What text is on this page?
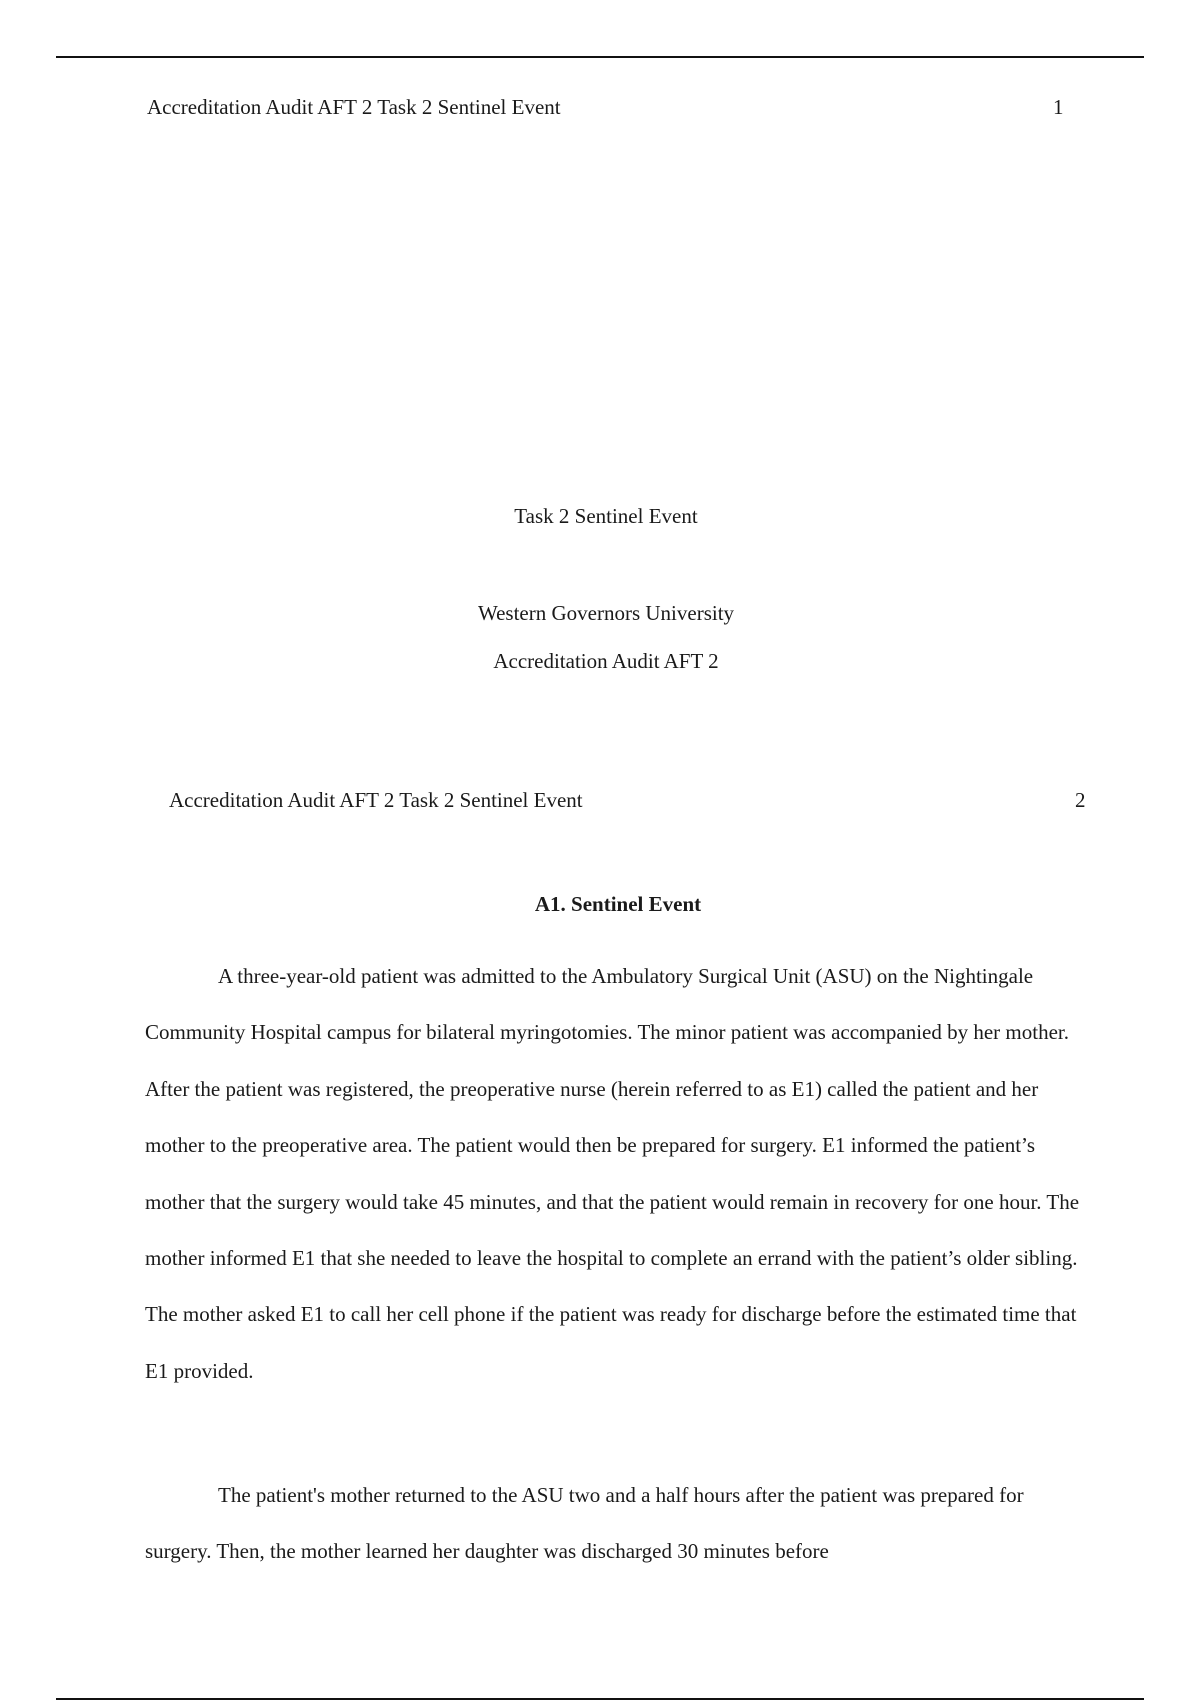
Accreditation Audit AFT 2 Task 2 Sentinel Event	1
Task 2 Sentinel Event
Western Governors University
Accreditation Audit AFT 2
Accreditation Audit AFT 2 Task 2 Sentinel Event	2
A1. Sentinel Event

A three-year-old patient was admitted to the Ambulatory Surgical Unit (ASU) on the Nightingale Community Hospital campus for bilateral myringotomies. The minor patient was accompanied by her mother. After the patient was registered, the preoperative nurse (herein referred to as E1) called the patient and her mother to the preoperative area. The patient would then be prepared for surgery. E1 informed the patient’s mother that the surgery would take 45 minutes, and that the patient would remain in recovery for one hour. The mother informed E1 that she needed to leave the hospital to complete an errand with the patient’s older sibling. The mother asked E1 to call her cell phone if the patient was ready for discharge before the estimated time that E1 provided.

The patient's mother returned to the ASU two and a half hours after the patient was prepared for surgery. Then, the mother learned her daughter was discharged 30 minutes before
